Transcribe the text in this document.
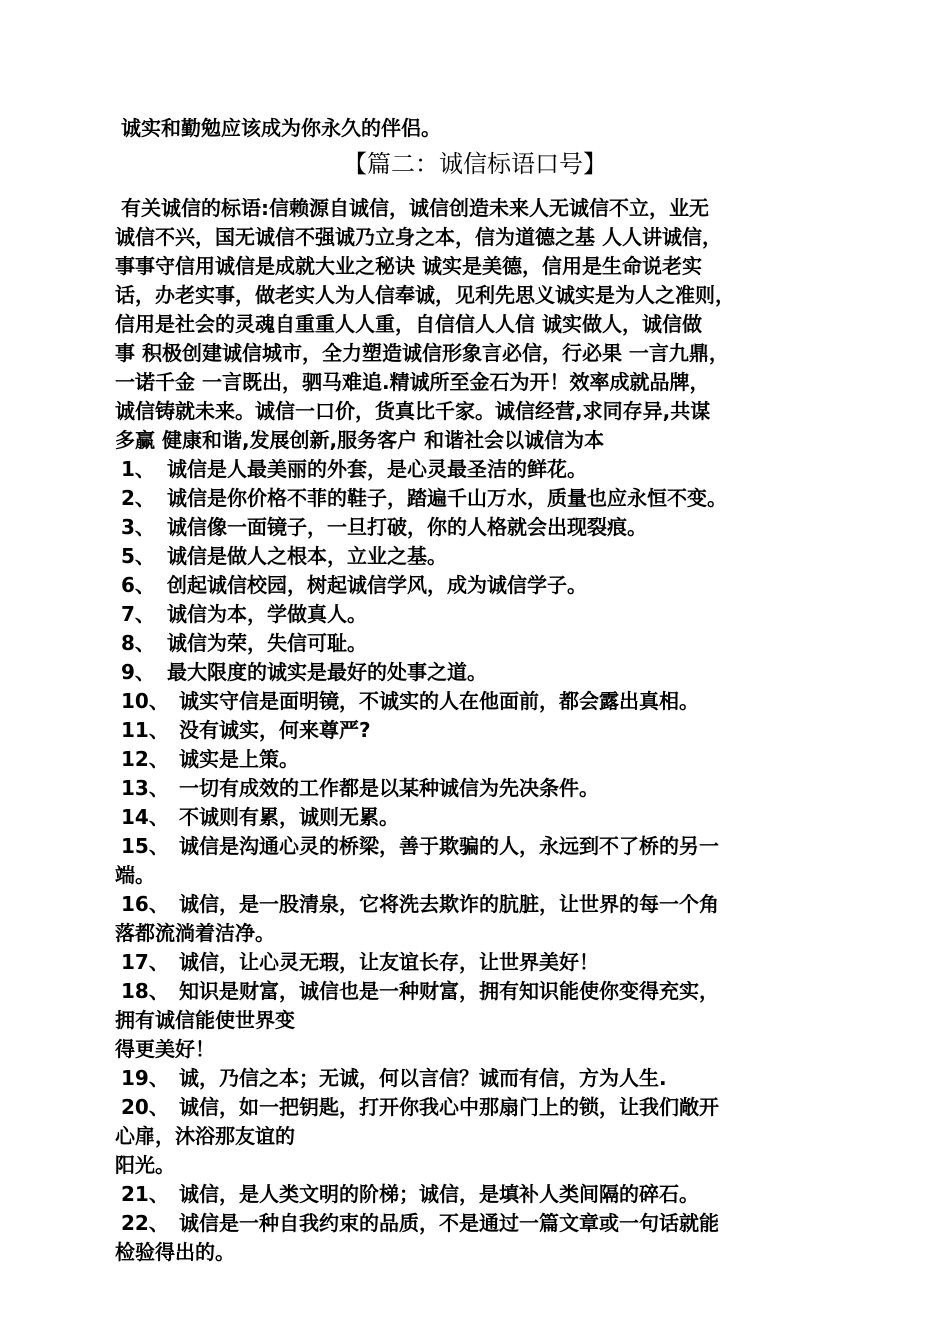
诚实和勤勉应该成为你永久的伴侣。
【篇二：诚信标语口号】
有关诚信的标语:信赖源自诚信，诚信创造未来人无诚信不立，业无
诚信不兴，国无诚信不强诚乃立身之本，信为道德之基 人人讲诚信，
事事守信用诚信是成就大业之秘诀 诚实是美德，信用是生命说老实
话，办老实事，做老实人为人信奉诚，见利先思义诚实是为人之准则，
信用是社会的灵魂自重重人人重，自信信人人信 诚实做人，诚信做
事 积极创建诚信城市，全力塑造诚信形象言必信，行必果 一言九鼎，
一诺千金 一言既出，驷马难追.精诚所至金石为开！效率成就品牌，
诚信铸就未来。诚信一口价，货真比千家。诚信经营,求同存异,共谋
多赢 健康和谐,发展创新,服务客户 和谐社会以诚信为本
1、 诚信是人最美丽的外套，是心灵最圣洁的鲜花。
2、 诚信是你价格不菲的鞋子，踏遍千山万水，质量也应永恒不变。
3、 诚信像一面镜子，一旦打破，你的人格就会出现裂痕。
5、 诚信是做人之根本，立业之基。
6、 创起诚信校园，树起诚信学风，成为诚信学子。
7、 诚信为本，学做真人。
8、 诚信为荣，失信可耻。
9、 最大限度的诚实是最好的处事之道。
10、 诚实守信是面明镜，不诚实的人在他面前，都会露出真相。
11、 没有诚实，何来尊严?
12、 诚实是上策。
13、 一切有成效的工作都是以某种诚信为先决条件。
14、 不诚则有累，诚则无累。
15、 诚信是沟通心灵的桥梁，善于欺骗的人，永远到不了桥的另一
端。
16、 诚信，是一股清泉，它将洗去欺诈的肮脏，让世界的每一个角
落都流淌着洁净。
17、 诚信，让心灵无瑕，让友谊长存，让世界美好！
18、 知识是财富，诚信也是一种财富，拥有知识能使你变得充实，
拥有诚信能使世界变
得更美好！
19、 诚，乃信之本；无诚，何以言信？诚而有信，方为人生.
20、 诚信，如一把钥匙，打开你我心中那扇门上的锁，让我们敞开
心扉，沐浴那友谊的
阳光。
21、 诚信，是人类文明的阶梯；诚信，是填补人类间隔的碎石。
22、 诚信是一种自我约束的品质，不是通过一篇文章或一句话就能
检验得出的。
